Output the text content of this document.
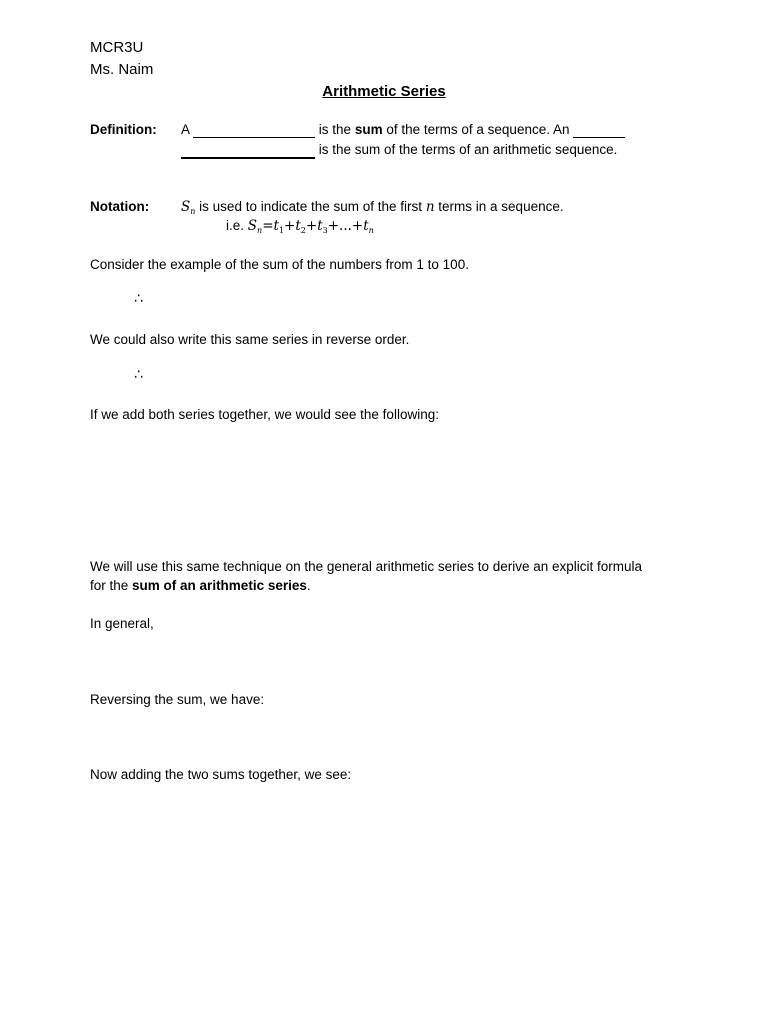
MCR3U
Ms. Naim
Arithmetic Series
Definition: A	is the sum of the terms of a sequence. An
is the sum of the terms of an arithmetic sequence.
Notation: $S_n$ is used to indicate the sum of the first n terms in a sequence.
i.e. $S_n=t_1+t_2+t_3+...+t_n$
Consider the example of the sum of the numbers from 1 to 100.
∴
We could also write this same series in reverse order.
∴
If we add both series together, we would see the following:
We will use this same technique on the general arithmetic series to derive an explicit formula
for the sum of an arithmetic series.
In general,
Reversing the sum, we have:
Now adding the two sums together, we see:
